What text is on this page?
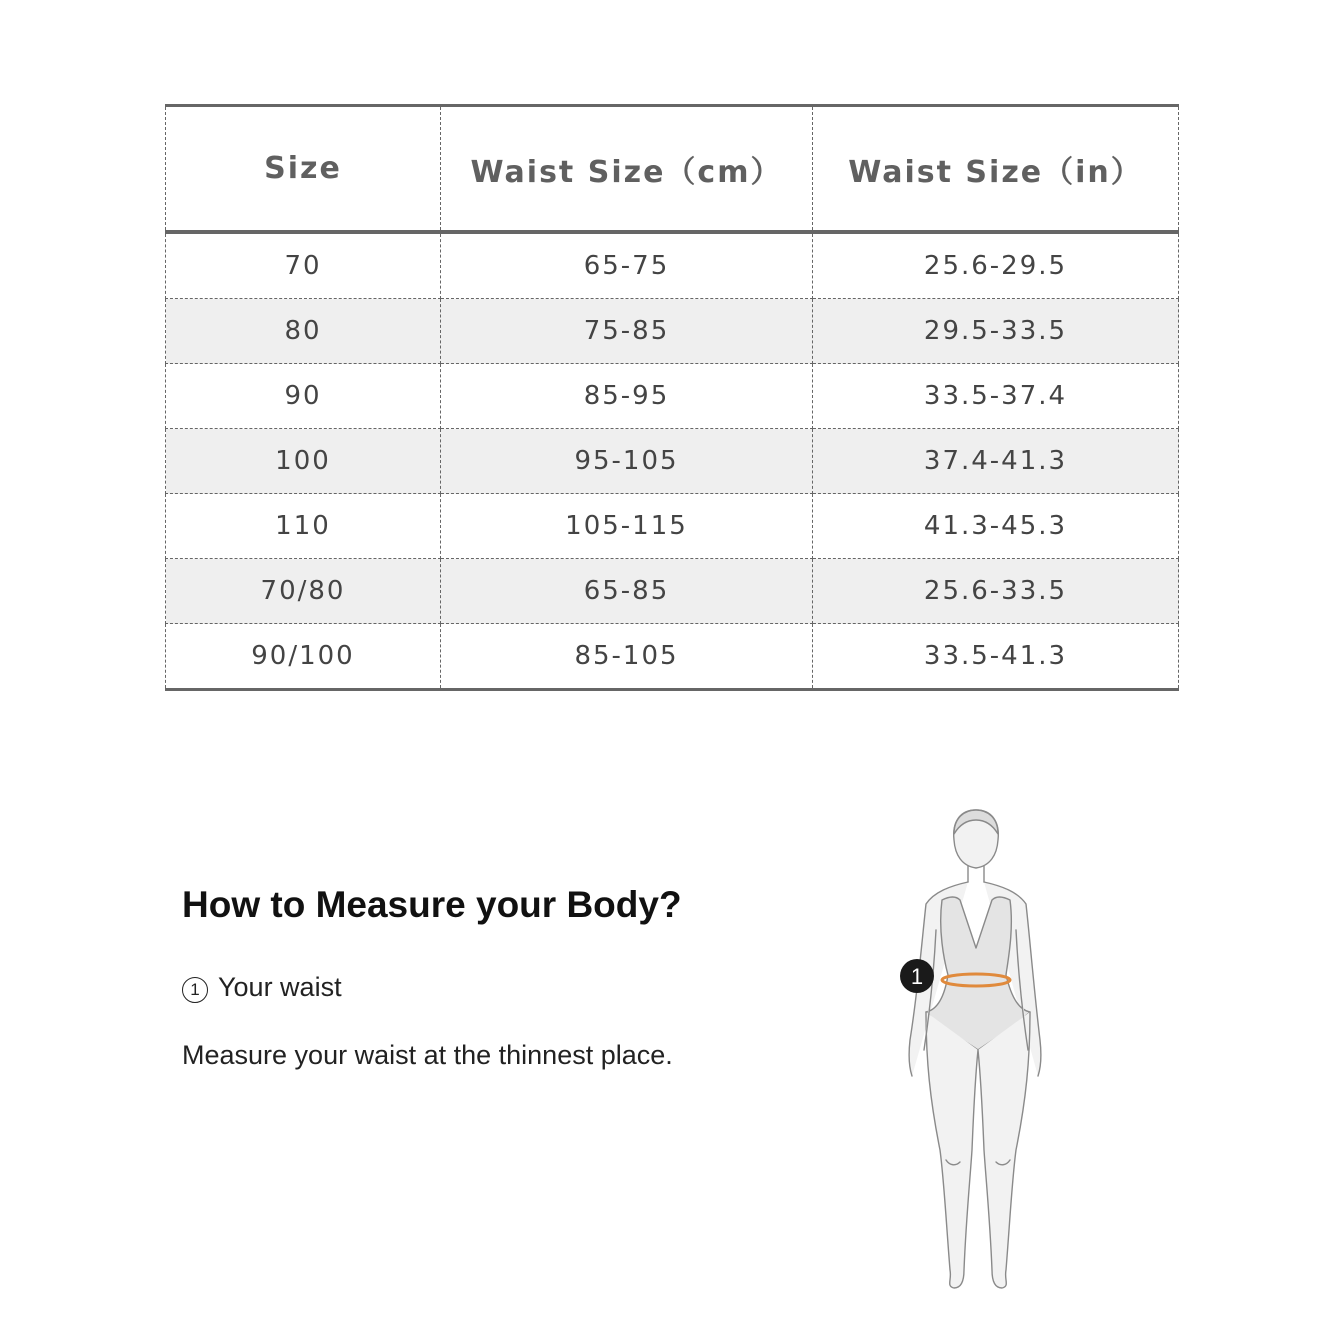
Size	Waist Size（cm）	Waist Size（in）
70	65-75	25.6-29.5
80	75-85	29.5-33.5
90	85-95	33.5-37.4
100	95-105	37.4-41.3
110	105-115	41.3-45.3
70/80	65-85	25.6-33.5
90/100	85-105	33.5-41.3
How to Measure your Body?
1 Your waist
Measure your waist at the thinnest place.
1
